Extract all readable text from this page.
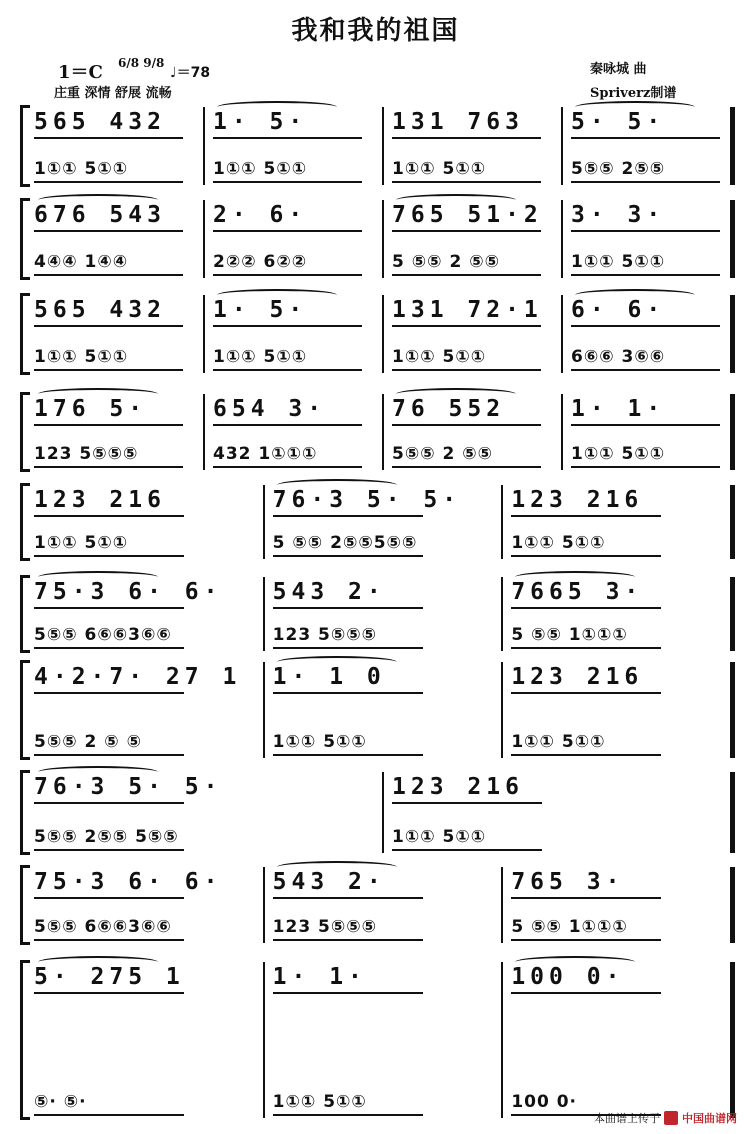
我和我的祖国
1＝C 6/8 9/8
♩＝78
庄重 深情 舒展 流畅
秦咏城 曲
Spriverz制谱
565 432
1①① 5①①
1· 5·
1①① 5①①
131 763
1①① 5①①
5· 5·
5⑤⑤ 2⑤⑤
676 543
4④④ 1④④
2· 6·
2②② 6②②
765 51·2
5 ⑤⑤ 2 ⑤⑤
3· 3·
1①① 5①①
565 432
1①① 5①①
1· 5·
1①① 5①①
131 72·1
1①① 5①①
6· 6·
6⑥⑥ 3⑥⑥
176 5·
123 5⑤⑤⑤
654 3·
432 1①①①
76 552
5⑤⑤ 2 ⑤⑤
1· 1·
1①① 5①①
123 216
1①① 5①①
76·3 5· 5·
5 ⑤⑤ 2⑤⑤5⑤⑤
123 216
1①① 5①①
75·3 6· 6·
5⑤⑤ 6⑥⑥3⑥⑥
543 2·
123 5⑤⑤⑤
7665 3·
5 ⑤⑤ 1①①①
4·2·7· 27 1
5⑤⑤ 2 ⑤ ⑤
1· 1 0
1①① 5①①
123 216
1①① 5①①
76·3 5· 5·
5⑤⑤ 2⑤⑤ 5⑤⑤
123 216
1①① 5①①
75·3 6· 6·
5⑤⑤ 6⑥⑥3⑥⑥
543 2·
123 5⑤⑤⑤
765 3·
5 ⑤⑤ 1①①①
5· 275 1
⑤· ⑤·
1· 1·
1①① 5①①
100 0·
100 0·
本曲谱上传于 中国曲谱网
